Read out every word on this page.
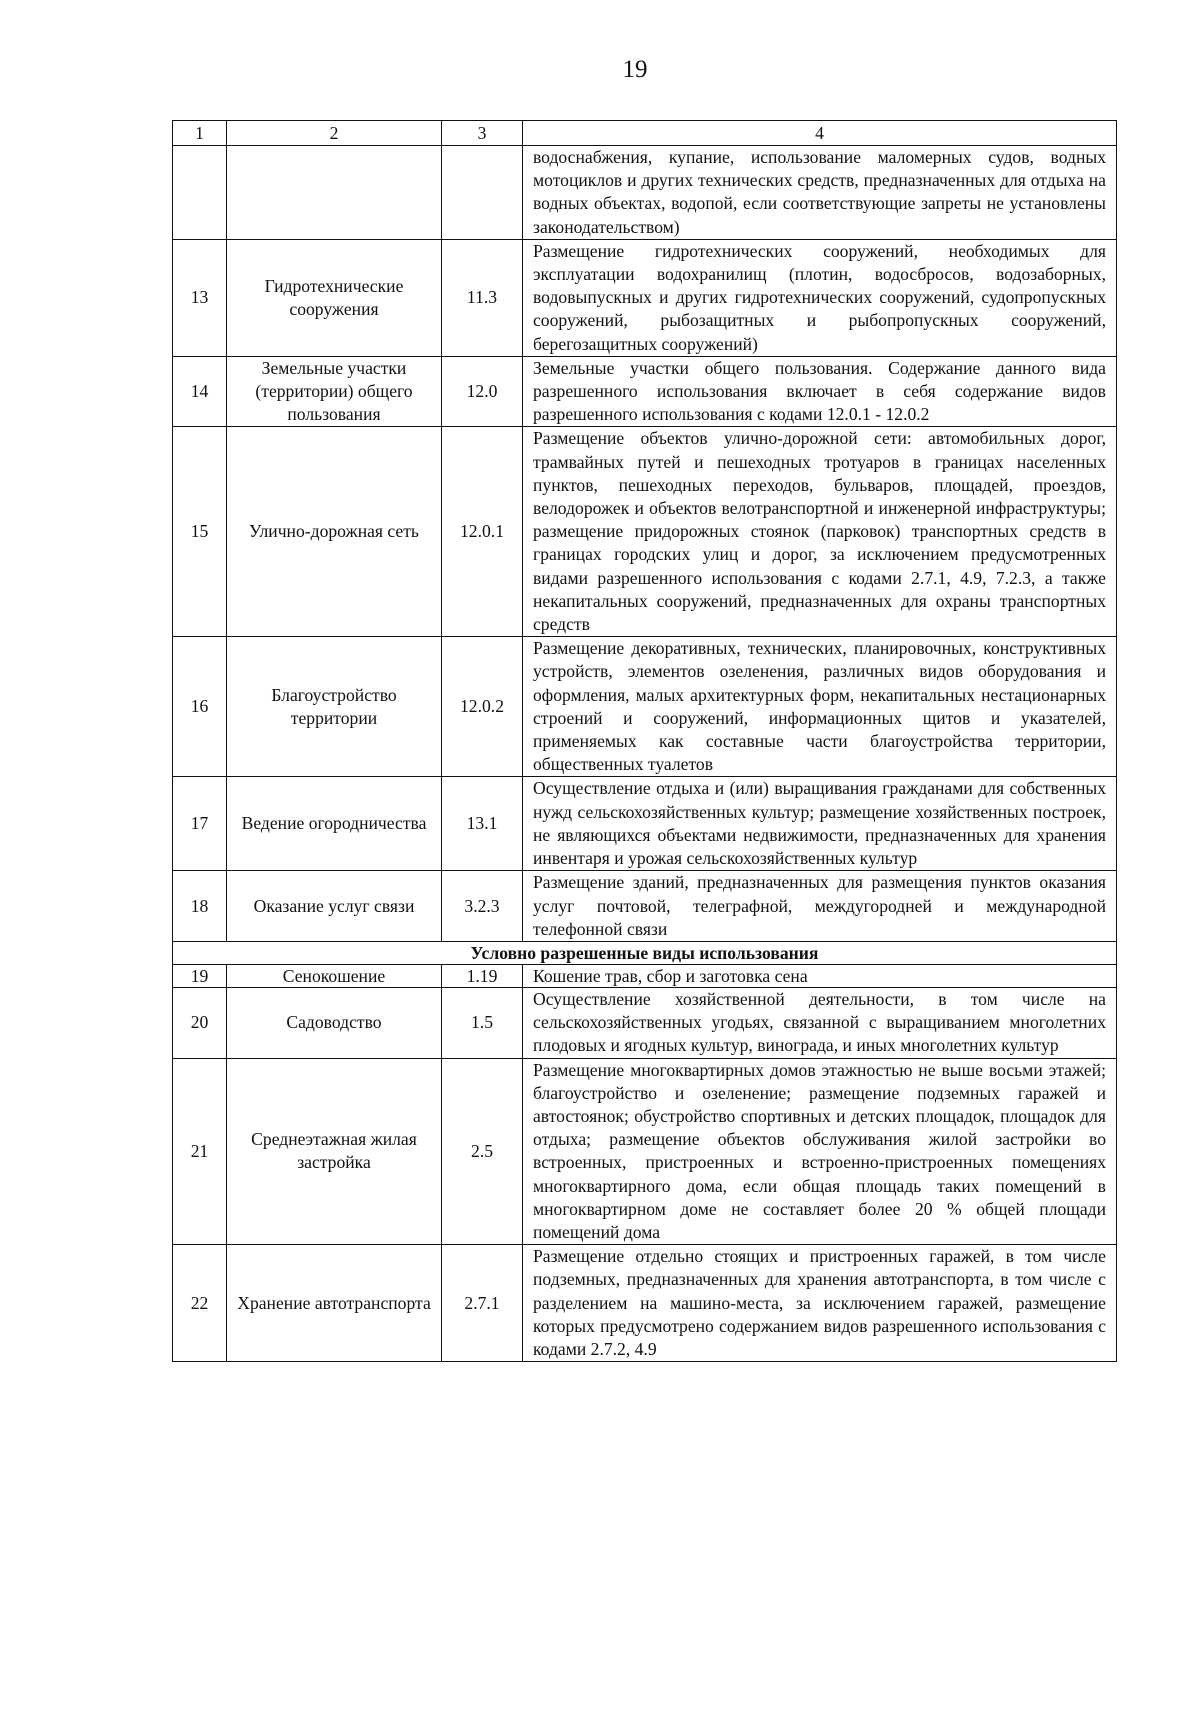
19
1	2	3	4
			водоснабжения, купание, использование маломерных судов, водных мотоциклов и других технических средств, предназначенных для отдыха на водных объектах, водопой, если соответствующие запреты не установлены законодательством)
13	Гидротехнические сооружения	11.3	Размещение гидротехнических сооружений, необходимых для эксплуатации водохранилищ (плотин, водосбросов, водозаборных, водовыпускных и других гидротехнических сооружений, судопропускных сооружений, рыбозащитных и рыбопропускных сооружений, берегозащитных сооружений)
14	Земельные участки (территории) общего пользования	12.0	Земельные участки общего пользования. Содержание данного вида разрешенного использования включает в себя содержание видов разрешенного использования с кодами 12.0.1 - 12.0.2
15	Улично-дорожная сеть	12.0.1	Размещение объектов улично-дорожной сети: автомобильных дорог, трамвайных путей и пешеходных тротуаров в границах населенных пунктов, пешеходных переходов, бульваров, площадей, проездов, велодорожек и объектов велотранспортной и инженерной инфраструктуры; размещение придорожных стоянок (парковок) транспортных средств в границах городских улиц и дорог, за исключением предусмотренных видами разрешенного использования с кодами 2.7.1, 4.9, 7.2.3, а также некапитальных сооружений, предназначенных для охраны транспортных средств
16	Благоустройство территории	12.0.2	Размещение декоративных, технических, планировочных, конструктивных устройств, элементов озеленения, различных видов оборудования и оформления, малых архитектурных форм, некапитальных нестационарных строений и сооружений, информационных щитов и указателей, применяемых как составные части благоустройства территории, общественных туалетов
17	Ведение огородничества	13.1	Осуществление отдыха и (или) выращивания гражданами для собственных нужд сельскохозяйственных культур; размещение хозяйственных построек, не являющихся объектами недвижимости, предназначенных для хранения инвентаря и урожая сельскохозяйственных культур
18	Оказание услуг связи	3.2.3	Размещение зданий, предназначенных для размещения пунктов оказания услуг почтовой, телеграфной, междугородней и международной телефонной связи
Условно разрешенные виды использования			
19	Сенокошение	1.19	Кошение трав, сбор и заготовка сена
20	Садоводство	1.5	Осуществление хозяйственной деятельности, в том числе на сельскохозяйственных угодьях, связанной с выращиванием многолетних плодовых и ягодных культур, винограда, и иных многолетних культур
21	Среднеэтажная жилая застройка	2.5	Размещение многоквартирных домов этажностью не выше восьми этажей; благоустройство и озеленение; размещение подземных гаражей и автостоянок; обустройство спортивных и детских площадок, площадок для отдыха; размещение объектов обслуживания жилой застройки во встроенных, пристроенных и встроенно-пристроенных помещениях многоквартирного дома, если общая площадь таких помещений в многоквартирном доме не составляет более 20 % общей площади помещений дома
22	Хранение автотранспорта	2.7.1	Размещение отдельно стоящих и пристроенных гаражей, в том числе подземных, предназначенных для хранения автотранспорта, в том числе с разделением на машино-места, за исключением гаражей, размещение которых предусмотрено содержанием видов разрешенного использования с кодами 2.7.2, 4.9
